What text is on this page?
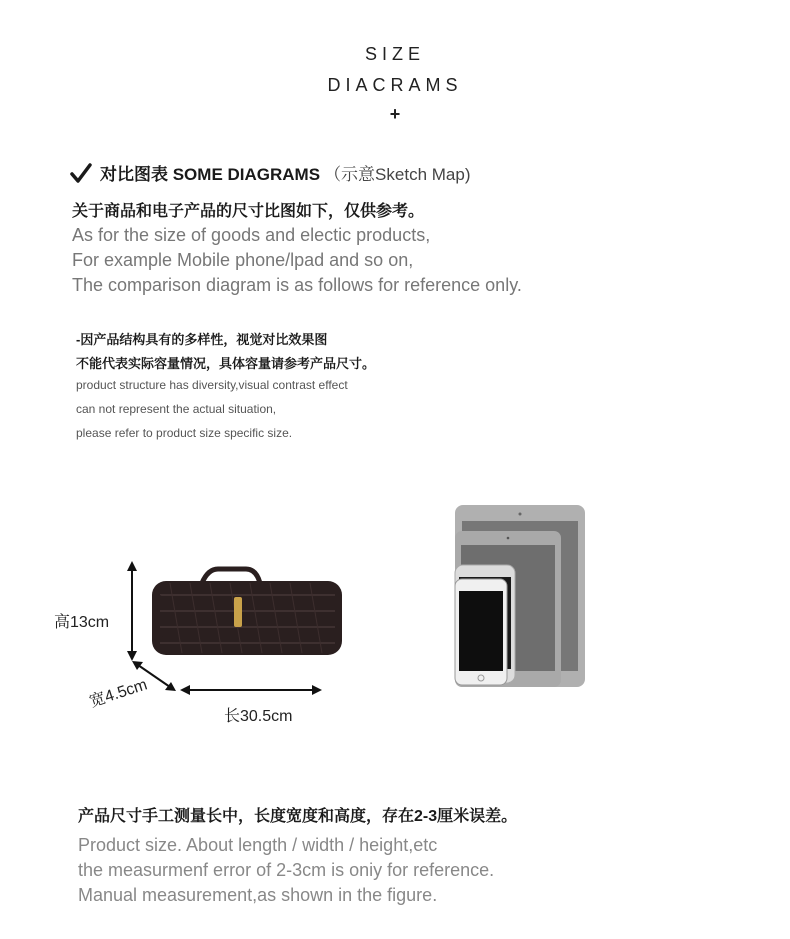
SIZE
DIACRAMS
+
对比图表 SOME DIAGRAMS （示意Sketch Map)
关于商品和电子产品的尺寸比图如下，仅供参考。
As for the size of goods and electic products,
For example Mobile phone/lpad and so on,
The comparison diagram is as follows for reference only.
-因产品结构具有的多样性，视觉对比效果图
不能代表实际容量情况，具体容量请参考产品尺寸。
product structure has diversity,visual contrast effect
can not represent the actual situation,
please refer to product size specific size.
高13cm
宽4.5cm
长30.5cm
产品尺寸手工测量长中，长度宽度和高度，存在2-3厘米误差。
Product size. About length / width / height,etc
the measurmenf error of 2-3cm is oniy for reference.
Manual measurement,as shown in the figure.
